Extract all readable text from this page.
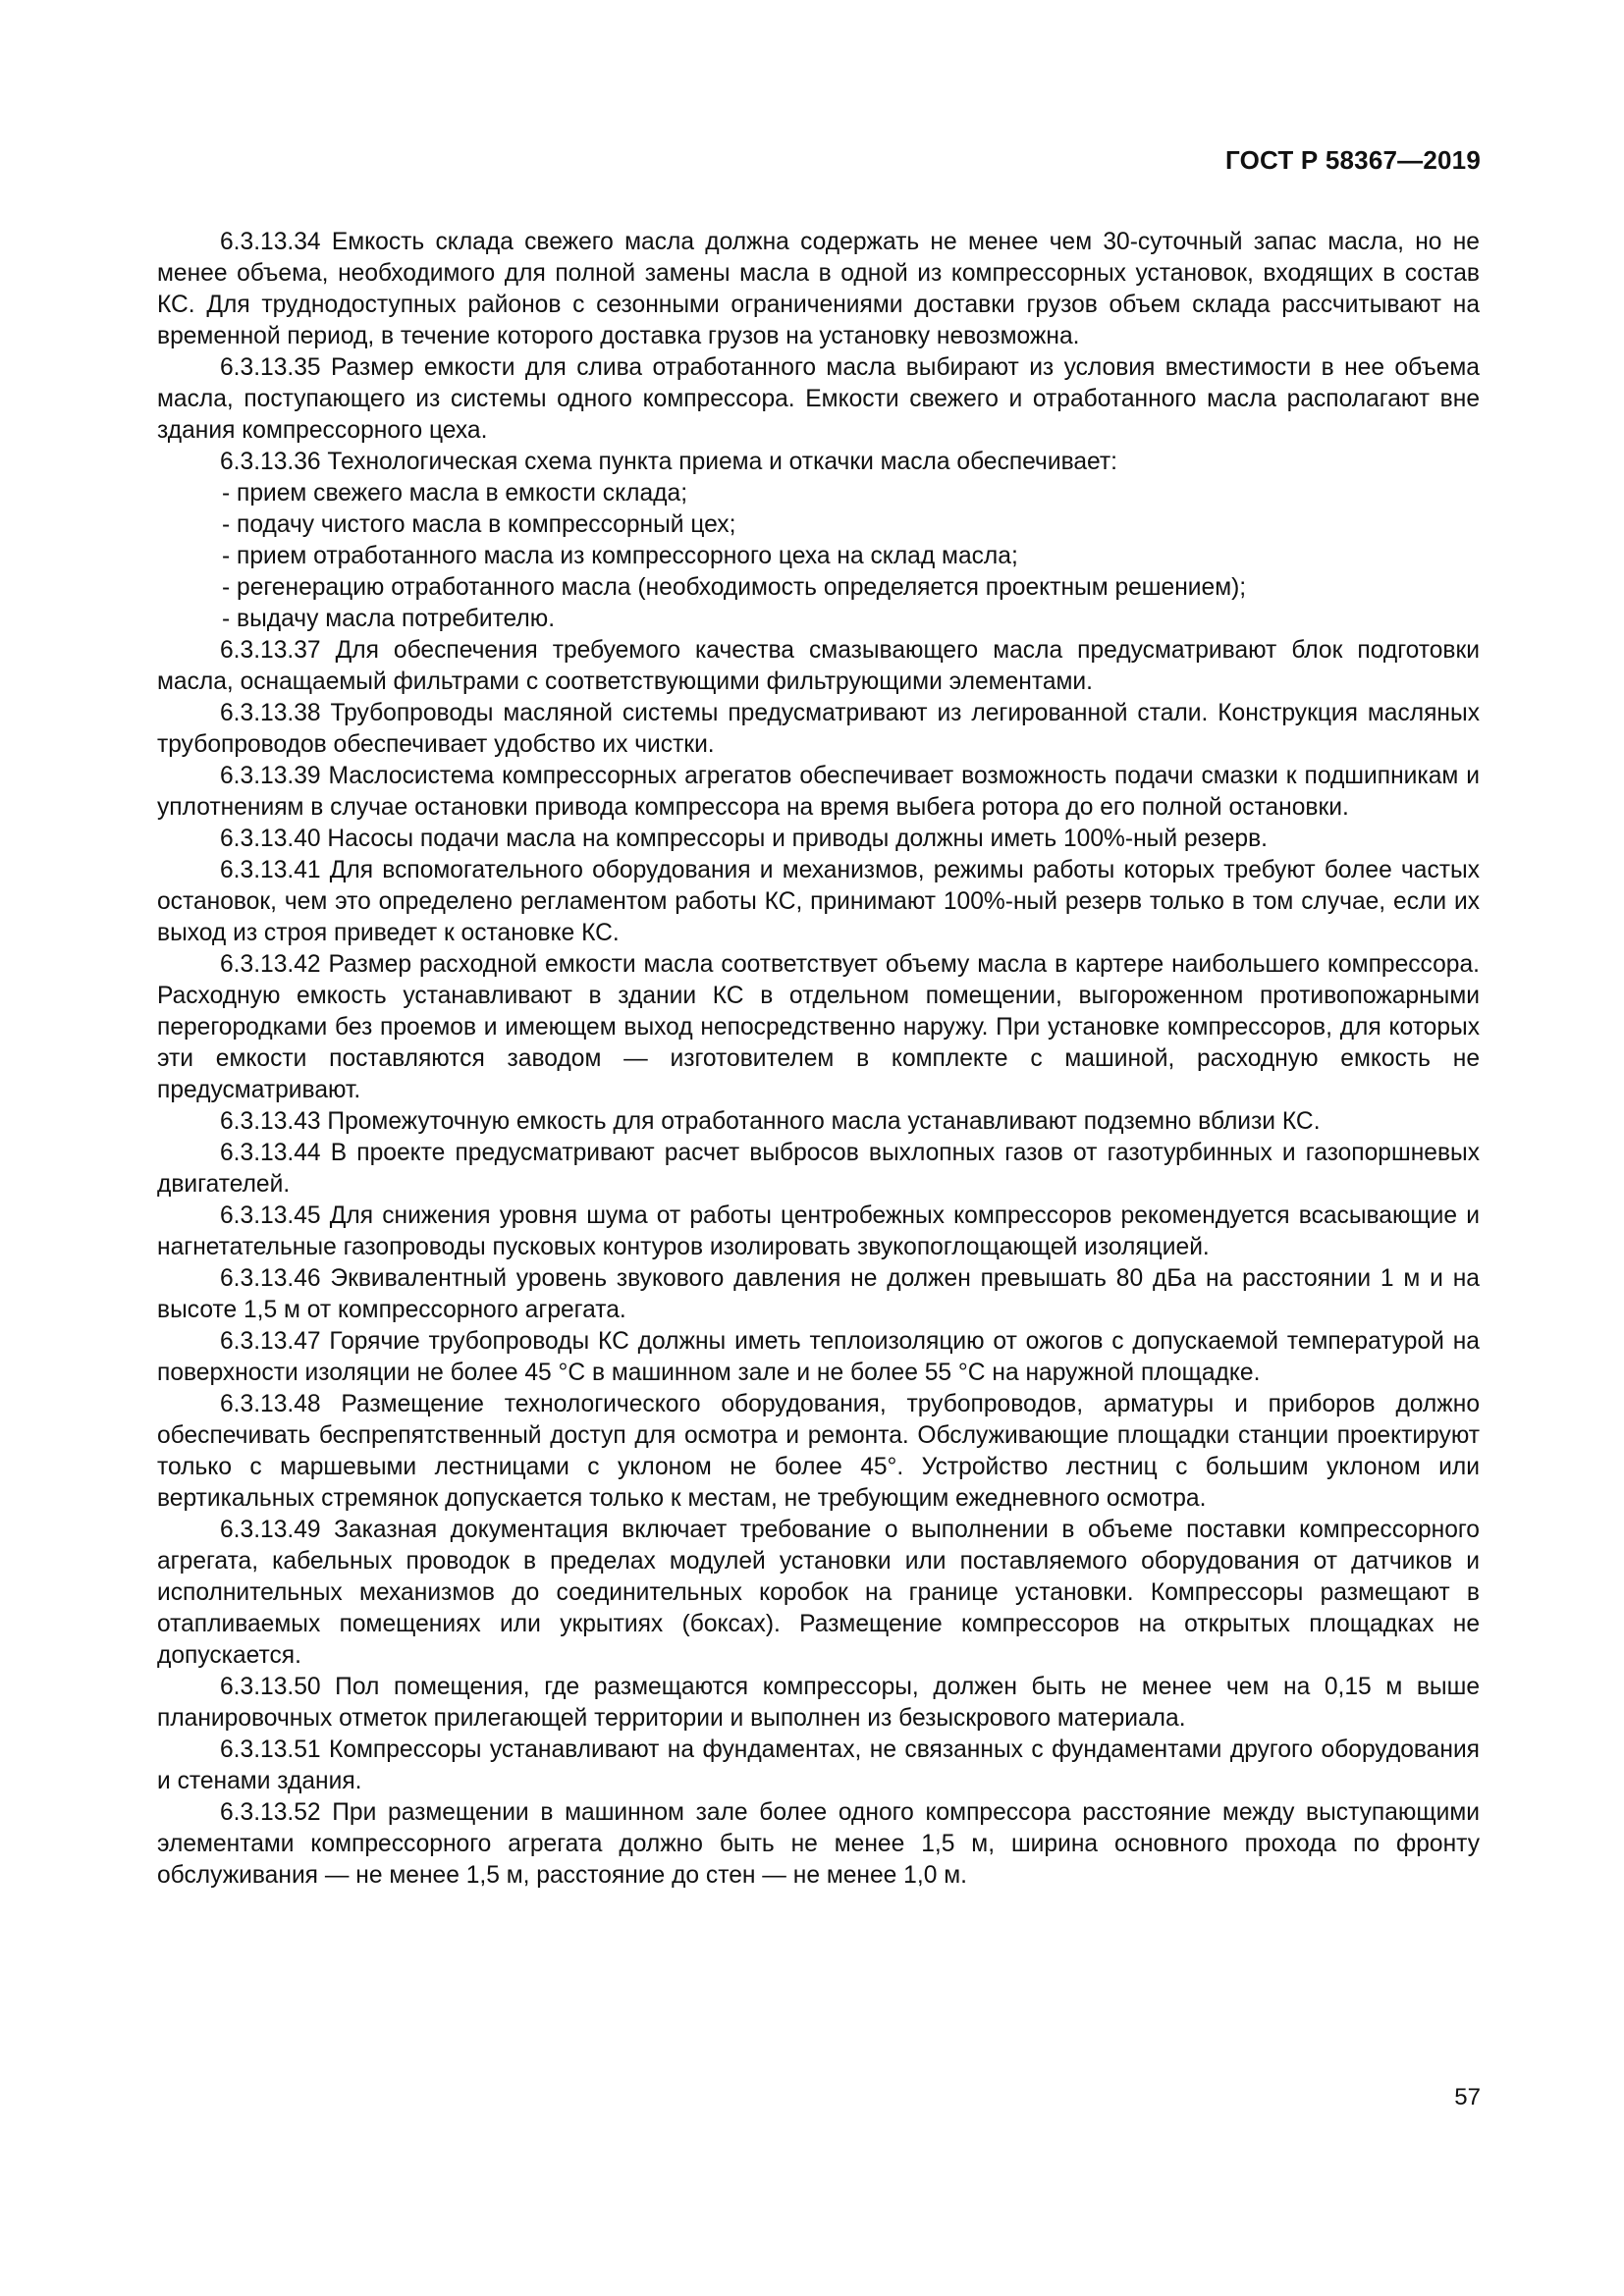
ГОСТ Р 58367—2019

6.3.13.34 Емкость склада свежего масла должна содержать не менее чем 30-суточный запас масла, но не менее объема, необходимого для полной замены масла в одной из компрессорных установок, входящих в состав КС. Для труднодоступных районов с сезонными ограничениями доставки грузов объем склада рассчитывают на временной период, в течение которого доставка грузов на установку невозможна.

6.3.13.35 Размер емкости для слива отработанного масла выбирают из условия вместимости в нее объема масла, поступающего из системы одного компрессора. Емкости свежего и отработанного масла располагают вне здания компрессорного цеха.

6.3.13.36 Технологическая схема пункта приема и откачки масла обеспечивает:

- прием свежего масла в емкости склада;

- подачу чистого масла в компрессорный цех;

- прием отработанного масла из компрессорного цеха на склад масла;

- регенерацию отработанного масла (необходимость определяется проектным решением);

- выдачу масла потребителю.

6.3.13.37 Для обеспечения требуемого качества смазывающего масла предусматривают блок подготовки масла, оснащаемый фильтрами с соответствующими фильтрующими элементами.

6.3.13.38 Трубопроводы масляной системы предусматривают из легированной стали. Конструкция масляных трубопроводов обеспечивает удобство их чистки.

6.3.13.39 Маслосистема компрессорных агрегатов обеспечивает возможность подачи смазки к подшипникам и уплотнениям в случае остановки привода компрессора на время выбега ротора до его полной остановки.

6.3.13.40 Насосы подачи масла на компрессоры и приводы должны иметь 100%-ный резерв.

6.3.13.41 Для вспомогательного оборудования и механизмов, режимы работы которых требуют более частых остановок, чем это определено регламентом работы КС, принимают 100%-ный резерв только в том случае, если их выход из строя приведет к остановке КС.

6.3.13.42 Размер расходной емкости масла соответствует объему масла в картере наибольшего компрессора. Расходную емкость устанавливают в здании КС в отдельном помещении, выгороженном противопожарными перегородками без проемов и имеющем выход непосредственно наружу. При установке компрессоров, для которых эти емкости поставляются заводом — изготовителем в комплекте с машиной, расходную емкость не предусматривают.

6.3.13.43 Промежуточную емкость для отработанного масла устанавливают подземно вблизи КС.

6.3.13.44 В проекте предусматривают расчет выбросов выхлопных газов от газотурбинных и газопоршневых двигателей.

6.3.13.45 Для снижения уровня шума от работы центробежных компрессоров рекомендуется всасывающие и нагнетательные газопроводы пусковых контуров изолировать звукопоглощающей изоляцией.

6.3.13.46 Эквивалентный уровень звукового давления не должен превышать 80 дБа на расстоянии 1 м и на высоте 1,5 м от компрессорного агрегата.

6.3.13.47 Горячие трубопроводы КС должны иметь теплоизоляцию от ожогов с допускаемой температурой на поверхности изоляции не более 45 °С в машинном зале и не более 55 °С на наружной площадке.

6.3.13.48 Размещение технологического оборудования, трубопроводов, арматуры и приборов должно обеспечивать беспрепятственный доступ для осмотра и ремонта. Обслуживающие площадки станции проектируют только с маршевыми лестницами с уклоном не более 45°. Устройство лестниц с большим уклоном или вертикальных стремянок допускается только к местам, не требующим ежедневного осмотра.

6.3.13.49 Заказная документация включает требование о выполнении в объеме поставки компрессорного агрегата, кабельных проводок в пределах модулей установки или поставляемого оборудования от датчиков и исполнительных механизмов до соединительных коробок на границе установки. Компрессоры размещают в отапливаемых помещениях или укрытиях (боксах). Размещение компрессоров на открытых площадках не допускается.

6.3.13.50 Пол помещения, где размещаются компрессоры, должен быть не менее чем на 0,15 м выше планировочных отметок прилегающей территории и выполнен из безыскрового материала.

6.3.13.51 Компрессоры устанавливают на фундаментах, не связанных с фундаментами другого оборудования и стенами здания.

6.3.13.52 При размещении в машинном зале более одного компрессора расстояние между выступающими элементами компрессорного агрегата должно быть не менее 1,5 м, ширина основного прохода по фронту обслуживания — не менее 1,5 м, расстояние до стен — не менее 1,0 м.

57
